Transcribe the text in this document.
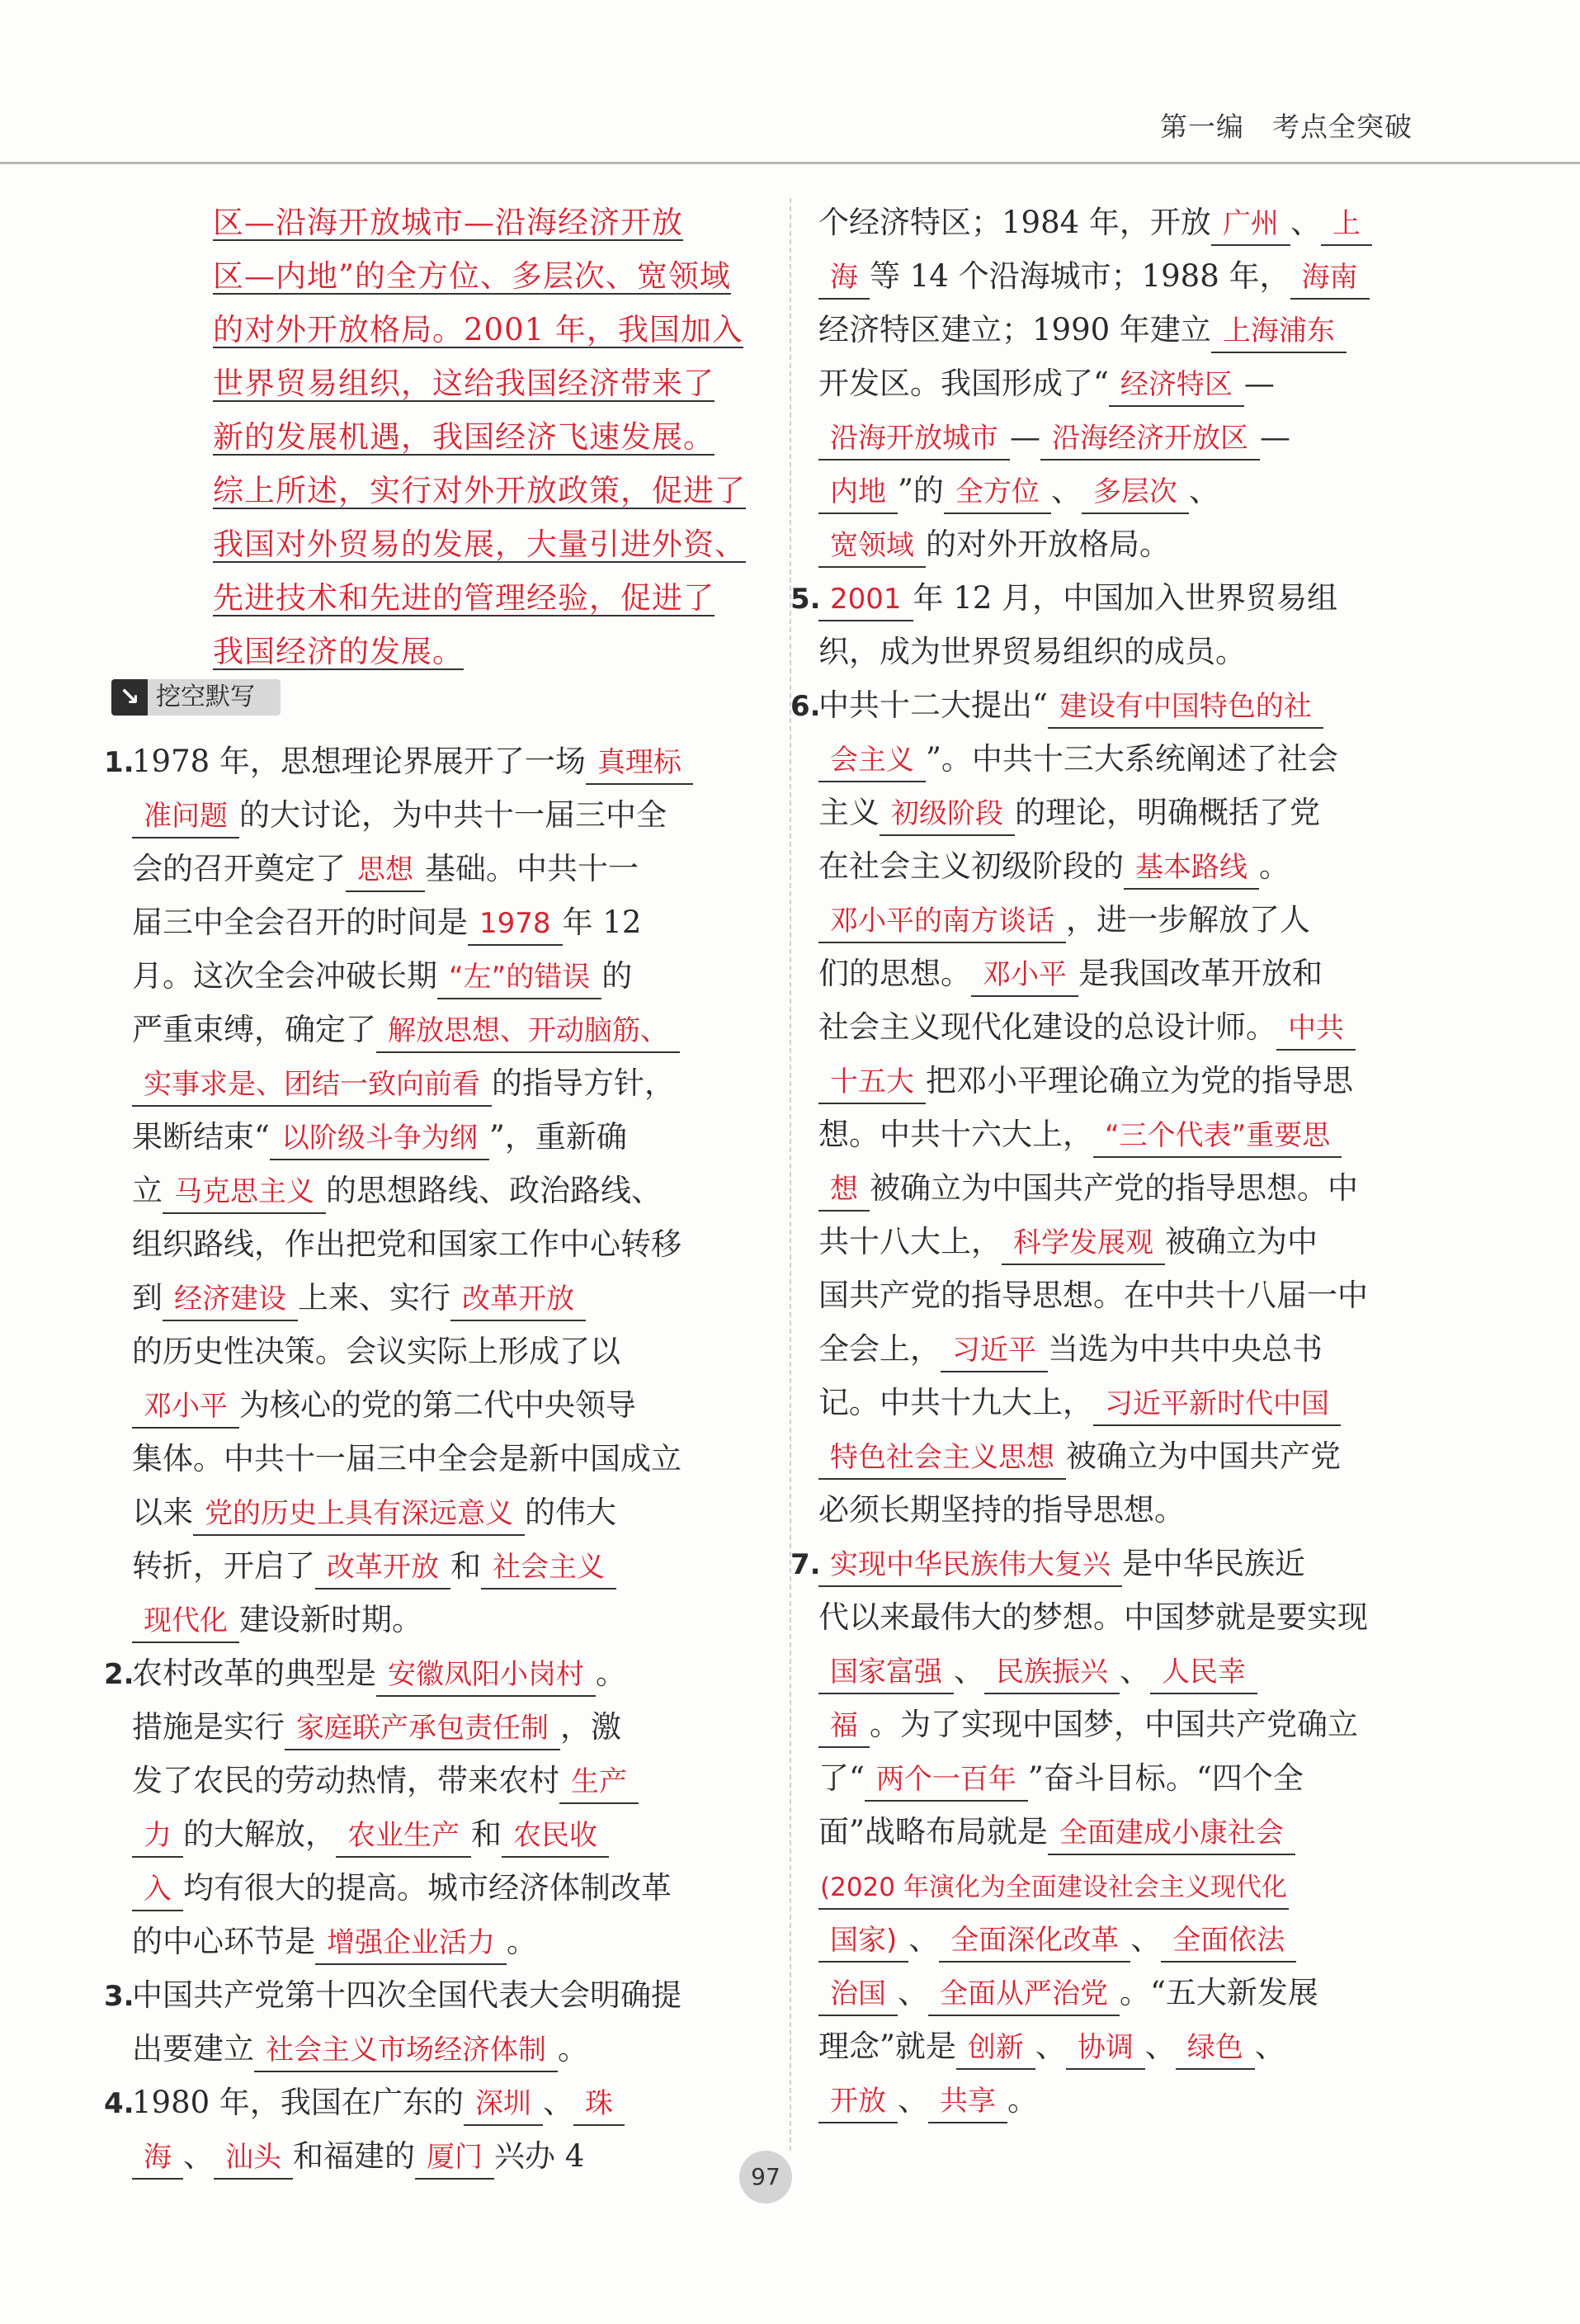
第一编　考点全突破
区—沿海开放城市—沿海经济开放
区—内地”的全方位、多层次、宽领域
的对外开放格局。2001 年，我国加入
世界贸易组织，这给我国经济带来了
新的发展机遇，我国经济飞速发展。
综上所述，实行对外开放政策，促进了
我国对外贸易的发展，大量引进外资、
先进技术和先进的管理经验，促进了
我国经济的发展。
↘ 挖空默写
1.1978 年，思想理论界展开了一场 真理标
准问题 的大讨论，为中共十一届三中全
会的召开奠定了 思想 基础。中共十一
届三中全会召开的时间是 1978 年 12
月。这次全会冲破长期 “左”的错误 的
严重束缚，确定了 解放思想、开动脑筋、
实事求是、团结一致向前看 的指导方针，
果断结束“ 以阶级斗争为纲 ”，重新确
立 马克思主义 的思想路线、政治路线、
组织路线，作出把党和国家工作中心转移
到 经济建设 上来、实行 改革开放
的历史性决策。会议实际上形成了以
邓小平 为核心的党的第二代中央领导
集体。中共十一届三中全会是新中国成立
以来 党的历史上具有深远意义 的伟大
转折，开启了 改革开放 和 社会主义
现代化 建设新时期。
2.农村改革的典型是 安徽凤阳小岗村 。
措施是实行 家庭联产承包责任制 ，激
发了农民的劳动热情，带来农村 生产
力 的大解放， 农业生产 和 农民收
入 均有很大的提高。城市经济体制改革
的中心环节是 增强企业活力 。
3.中国共产党第十四次全国代表大会明确提
出要建立 社会主义市场经济体制 。
4.1980 年，我国在广东的 深圳 、 珠
海 、 汕头 和福建的 厦门 兴办 4
个经济特区；1984 年，开放 广州 、 上
海 等 14 个沿海城市；1988 年， 海南
经济特区建立；1990 年建立 上海浦东
开发区。我国形成了“ 经济特区 —
沿海开放城市 — 沿海经济开放区 —
内地 ”的 全方位 、 多层次 、
宽领域 的对外开放格局。
5. 2001 年 12 月，中国加入世界贸易组
织，成为世界贸易组织的成员。
6.中共十二大提出“ 建设有中国特色的社
会主义 ”。中共十三大系统阐述了社会
主义 初级阶段 的理论，明确概括了党
在社会主义初级阶段的 基本路线 。
邓小平的南方谈话 ，进一步解放了人
们的思想。 邓小平 是我国改革开放和
社会主义现代化建设的总设计师。 中共
十五大 把邓小平理论确立为党的指导思
想。中共十六大上， “三个代表”重要思
想 被确立为中国共产党的指导思想。中
共十八大上， 科学发展观 被确立为中
国共产党的指导思想。在中共十八届一中
全会上， 习近平 当选为中共中央总书
记。中共十九大上， 习近平新时代中国
特色社会主义思想 被确立为中国共产党
必须长期坚持的指导思想。
7. 实现中华民族伟大复兴 是中华民族近
代以来最伟大的梦想。中国梦就是要实现
国家富强 、 民族振兴 、 人民幸
福 。为了实现中国梦，中国共产党确立
了“ 两个一百年 ”奋斗目标。“四个全
面”战略布局就是 全面建成小康社会
(2020 年演化为全面建设社会主义现代化
国家) 、 全面深化改革 、 全面依法
治国 、 全面从严治党 。“五大新发展
理念”就是 创新 、 协调 、 绿色 、
开放 、 共享 。
97
